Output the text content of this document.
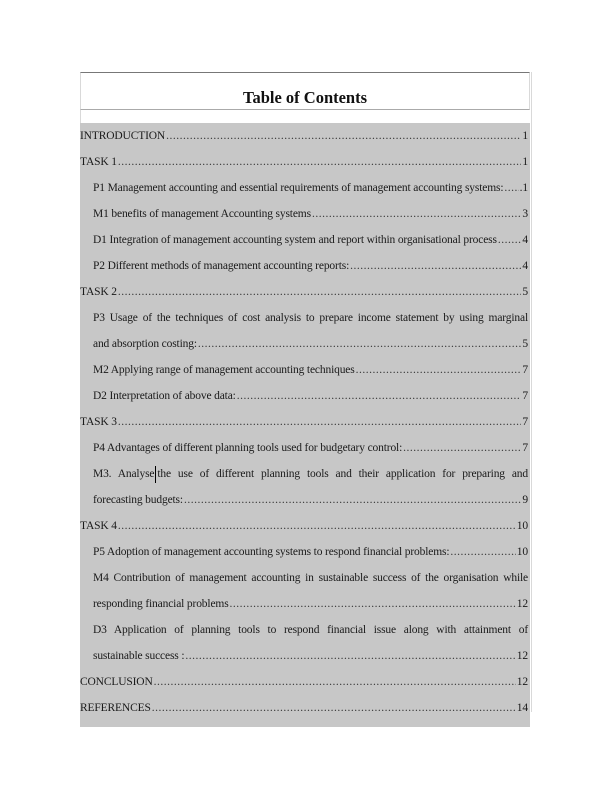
Table of Contents
INTRODUCTION .....	1
TASK 1 .....	1
P1 Management accounting and essential requirements of management accounting systems: ..... .1
M1 benefits of management Accounting systems .....	3
D1 Integration of management accounting system and report within organisational process ..... 4
P2 Different methods of management accounting reports: .....	4
TASK 2 .....	5
P3 Usage of the techniques of cost analysis to prepare income statement by using marginal
and absorption costing: .....	5
M2 Applying range of management accounting techniques .....	7
D2 Interpretation of above data: .....	7
TASK 3 .....	7
P4 Advantages of different planning tools used for budgetary control: .....	7
M3. Analyse the use of different planning tools and their application for preparing and
forecasting budgets: .....	9
TASK 4 .....	10
P5 Adoption of management accounting systems to respond financial problems: .....	10
M4 Contribution of management accounting in sustainable success of the organisation while
responding financial problems .....	12
D3 Application of planning tools to respond financial issue along with attainment of
sustainable success : .....	12
CONCLUSION .....	12
REFERENCES .....	14
